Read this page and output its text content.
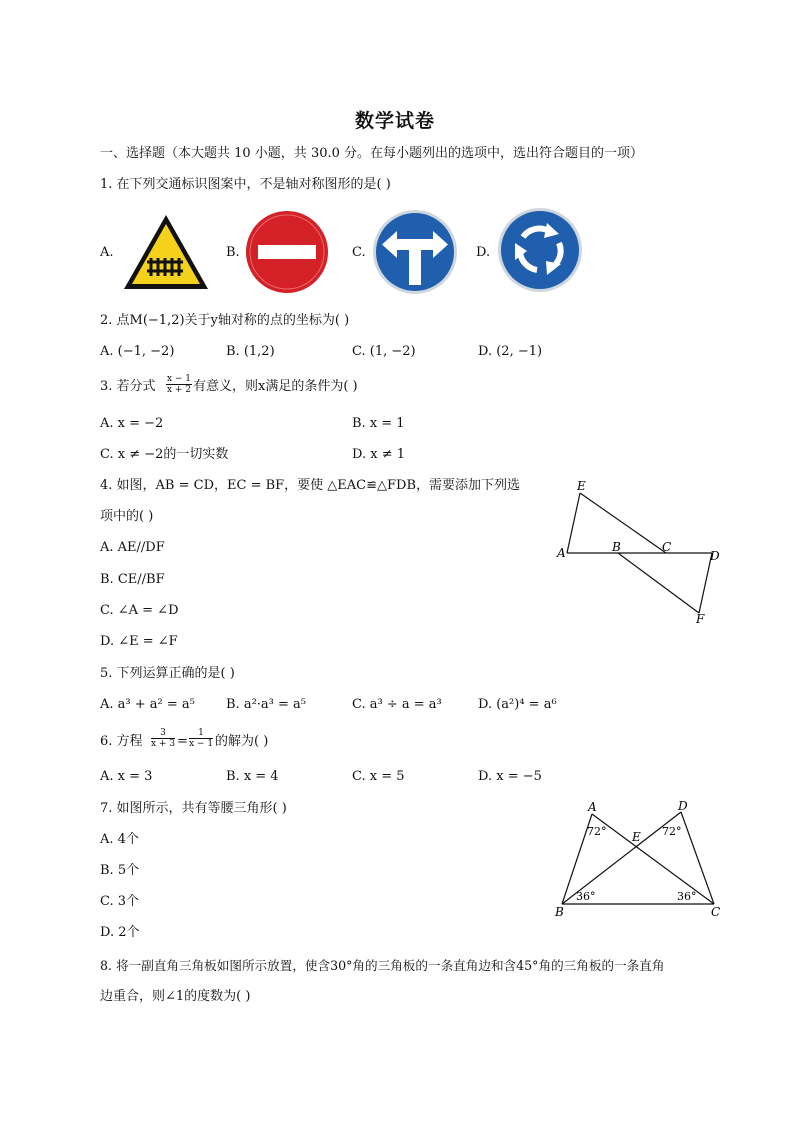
数学试卷
一、选择题（本大题共 10 小题，共 30.0 分。在每小题列出的选项中，选出符合题目的一项）
1. 在下列交通标识图案中，不是轴对称图形的是( )
A.	B.	C.	D.
2. 点M(−1,2)关于y轴对称的点的坐标为( )
A. (−1, −2)	B. (1,2)	C. (1, −2)	D. (2, −1)
3. 若分式 $\frac{x - 1}{x + 2}$ 有意义，则x满足的条件为( )
A. x = −2	B. x = 1
C. x ≠ −2的一切实数	D. x ≠ 1
4. 如图，AB = CD，EC = BF，要使 △EAC≌△FDB，需要添加下列选
项中的( )
A. AE//DF
B. CE//BF
C. ∠A = ∠D
D. ∠E = ∠F
E
A	B	C
D
F
5. 下列运算正确的是( )
A. a³ + a² = a⁵ B. a²·a³ = a⁵	C. a³ ÷ a = a³	D. (a²)⁴ = a⁶
6. 方程 $\frac{3}{x + 3} = \frac{1}{x - 1}$ 的解为( )
A. x = 3	B. x = 4	C. x = 5	D. x = −5
7. 如图所示，共有等腰三角形( )
A. 4个
B. 5个
C. 3个
D. 2个
A	D
E
B	C
72°	72°
36°	36°
8. 将一副直角三角板如图所示放置，使含30°角的三角板的一条直角边和含45°角的三角板的一条直角
边重合，则∠1的度数为( )
